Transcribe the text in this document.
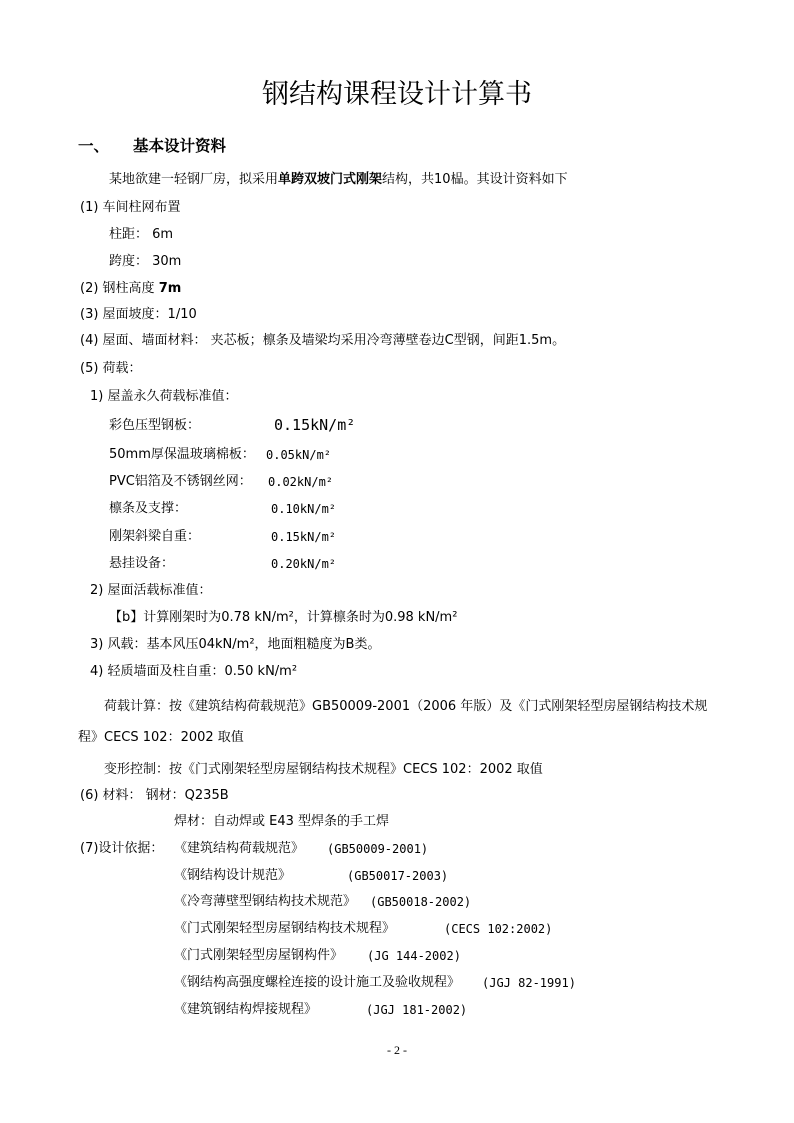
钢结构课程设计计算书
一、 基本设计资料
某地欲建一轻钢厂房，拟采用单跨双坡门式刚架结构，共10榀。其设计资料如下
(1) 车间柱网布置
柱距： 6m
跨度： 30m
(2) 钢柱高度 7m
(3) 屋面坡度：1/10
(4) 屋面、墙面材料： 夹芯板；檩条及墙梁均采用冷弯薄壁卷边C型钢，间距1.5m。
(5) 荷载：
1) 屋盖永久荷载标准值：
彩色压型钢板：	0.15kN/m²
50mm厚保温玻璃棉板： 0.05kN/m²
PVC铝箔及不锈钢丝网： 0.02kN/m²
檩条及支撑：	0.10kN/m²
刚架斜梁自重：	0.15kN/m²
悬挂设备：	0.20kN/m²
2) 屋面活载标准值：
【b】计算刚架时为0.78 kN/m²，计算檩条时为0.98 kN/m²
3) 风载：基本风压04kN/m²，地面粗糙度为B类。
4) 轻质墙面及柱自重：0.50 kN/m²
荷载计算：按《建筑结构荷载规范》GB50009-2001（2006 年版）及《门式刚架轻型房屋钢结构技术规
程》CECS 102：2002 取值
变形控制：按《门式刚架轻型房屋钢结构技术规程》CECS 102：2002 取值
(6) 材料： 钢材：Q235B
焊材：自动焊或 E43 型焊条的手工焊
(7)设计依据： 《建筑结构荷载规范》 (GB50009-2001)
《钢结构设计规范》	(GB50017-2003)
《冷弯薄壁型钢结构技术规范》 (GB50018-2002)
《门式刚架轻型房屋钢结构技术规程》	(CECS 102:2002)
《门式刚架轻型房屋钢构件》 (JG 144-2002)
《钢结构高强度螺栓连接的设计施工及验收规程》 (JGJ 82-1991)
《建筑钢结构焊接规程》	(JGJ 181-2002)
- 2 -
